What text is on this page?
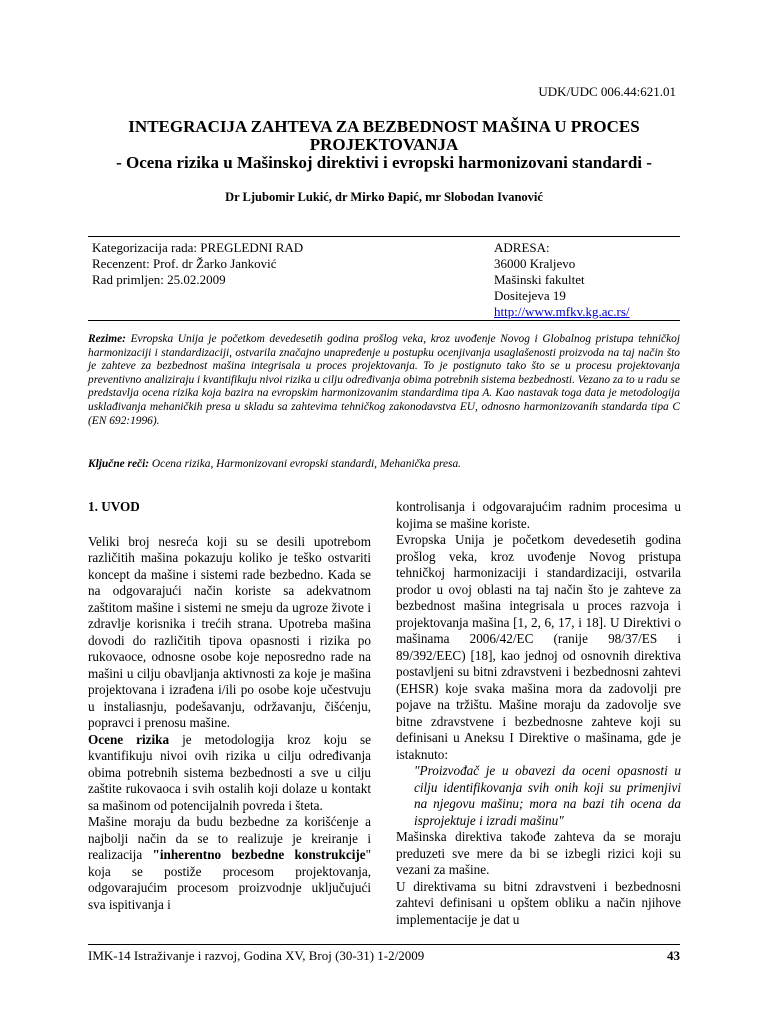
UDK/UDC 006.44:621.01
INTEGRACIJA ZAHTEVA ZA BEZBEDNOST MAŠINA U PROCES PROJEKTOVANJA
- Ocena rizika u Mašinskoj direktivi i evropski harmonizovani standardi -
Dr Ljubomir Lukić, dr Mirko Đapić, mr Slobodan Ivanović
Kategorizacija rada: PREGLEDNI RAD
Recenzent: Prof. dr Žarko Janković
Rad primljen: 25.02.2009
ADRESA:
36000 Kraljevo
Mašinski fakultet
Dositejeva 19
http://www.mfkv.kg.ac.rs/
Rezime: Evropska Unija je početkom devedesetih godina prošlog veka, kroz uvođenje Novog i Globalnog pristupa tehničkoj harmonizaciji i standardizaciji, ostvarila značajno unapređenje u postupku ocenjivanja usaglašenosti proizvoda na taj način što je zahteve za bezbednost mašina integrisala u proces projektovanja. To je postignuto tako što se u procesu projektovanja preventivno analiziraju i kvantifikuju nivoi rizika u cilju određivanja obima potrebnih sistema bezbednosti. Vezano za to u radu se predstavlja ocena rizika koja bazira na evropskim harmonizovanim standardima tipa A. Kao nastavak toga data je metodologija usklađivanja mehaničkih presa u skladu sa zahtevima tehničkog zakonodavstva EU, odnosno harmonizovanih standarda tipa C (EN 692:1996).
Ključne reči: Ocena rizika, Harmonizovani evropski standardi, Mehanička presa.

1. UVOD

Veliki broj nesreća koji su se desili upotrebom različitih mašina pokazuju koliko je teško ostvariti koncept da mašine i sistemi rade bezbedno. Kada se na odgovarajući način koriste sa adekvatnom zaštitom mašine i sistemi ne smeju da ugroze živote i zdravlje korisnika i trećih strana. Upotreba mašina dovodi do različitih tipova opasnosti i rizika po rukovaoce, odnosne osobe koje neposredno rade na mašini u cilju obavljanja aktivnosti za koje je mašina projektovana i izrađena i/ili po osobe koje učestvuju u instaliasnju, podešavanju, održavanju, čišćenju, popravci i prenosu mašine.

Ocene rizika je metodologija kroz koju se kvantifikuju nivoi ovih rizika u cilju određivanja obima potrebnih sistema bezbednosti a sve u cilju zaštite rukovaoca i svih ostalih koji dolaze u kontakt sa mašinom od potencijalnih povreda i šteta.

Mašine moraju da budu bezbedne za korišćenje a najbolji način da se to realizuje je kreiranje i realizacija "inherentno bezbedne konstrukcije" koja se postiže procesom projektovanja, odgovarajućim procesom proizvodnje uključujući sva ispitivanja i

kontrolisanja i odgovarajućim radnim procesima u kojima se mašine koriste.

Evropska Unija je početkom devedesetih godina prošlog veka, kroz uvođenje Novog pristupa tehničkoj harmonizaciji i standardizaciji, ostvarila prodor u ovoj oblasti na taj način što je zahteve za bezbednost mašina integrisala u proces razvoja i projektovanja mašina [1, 2, 6, 17, i 18]. U Direktivi o mašinama 2006/42/EC (ranije 98/37/ES i 89/392/EEC) [18], kao jednoj od osnovnih direktiva postavljeni su bitni zdravstveni i bezbednosni zahtevi (EHSR) koje svaka mašina mora da zadovolji pre pojave na tržištu. Mašine moraju da zadovolje sve bitne zdravstvene i bezbednosne zahteve koji su definisani u Aneksu I Direktive o mašinama, gde je istaknuto:

"Proizvođač je u obavezi da oceni opasnosti u cilju identifikovanja svih onih koji su primenjivi na njegovu mašinu; mora na bazi tih ocena da isprojektuje i izradi mašinu"

Mašinska direktiva takođe zahteva da se moraju preduzeti sve mere da bi se izbegli rizici koji su vezani za mašine.

U direktivama su bitni zdravstveni i bezbednosni zahtevi definisani u opštem obliku a način njihove implementacije je dat u

IMK-14 Istraživanje i razvoj, Godina XV, Broj (30-31) 1-2/2009	43
